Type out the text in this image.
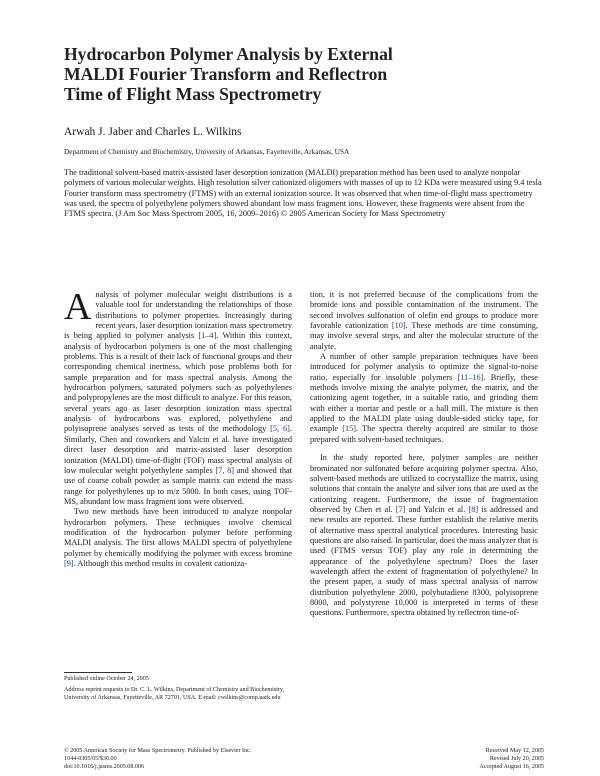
Hydrocarbon Polymer Analysis by External
MALDI Fourier Transform and Reflectron
Time of Flight Mass Spectrometry
Arwah J. Jaber and Charles L. Wilkins
Department of Chemistry and Biochemistry, University of Arkansas, Fayetteville, Arkansas, USA
The traditional solvent-based matrix-assisted laser desorption ionization (MALDI) preparation method has been used to analyze nonpolar polymers of various molecular weights. High resolution silver cationized oligomers with masses of up to 12 KDa were measured using 9.4 tesla Fourier transform mass spectrometry (FTMS) with an external ionization source. It was observed that when time-of-flight mass spectrometry was used, the spectra of polyethylene polymers showed abundant low mass fragment ions. However, these fragments were absent from the FTMS spectra. (J Am Soc Mass Spectrom 2005, 16, 2009–2016) © 2005 American Society for Mass Spectrometry

Analysis of polymer molecular weight distributions is a valuable tool for understanding the relationships of those distributions to polymer properties. Increasingly during recent years, laser desorption ionization mass spectrometry is being applied to polymer analysis [1–4]. Within this context, analysis of hydrocarbon polymers is one of the most challenging problems. This is a result of their lack of functional groups and their corresponding chemical inertness, which pose problems both for sample preparation and for mass spectral analysis. Among the hydrocarbon polymers, saturated polymers such as polyethylenes and polypropylenes are the most difficult to analyze. For this reason, several years ago as laser desorption ionization mass spectral analysis of hydrocarbons was explored, polyethylene and polyisoprene analyses served as tests of the methodology [5, 6]. Similarly, Chen and coworkers and Yalcin et al. have investigated direct laser desorption and matrix-assisted laser desorption ionization (MALDI) time-of-flight (TOF) mass spectral analysis of low molecular weight polyethylene samples [7, 8] and showed that use of coarse cobalt powder as sample matrix can extend the mass range for polyethylenes up to m/z 5000. In both cases, using TOF-MS, abundant low mass fragment ions were observed.

Two new methods have been introduced to analyze nonpolar hydrocarbon polymers. These techniques involve chemical modification of the hydrocarbon polymer before performing MALDI analysis. The first allows MALDI spectra of polyethylene polymer by chemically modifying the polymer with excess bromine [9]. Although this method results in covalent cationiza-

tion, it is not preferred because of the complications from the bromide ions and possible contamination of the instrument. The second involves sulfonation of olefin end groups to produce more favorable cationization [10]. These methods are time consuming, may involve several steps, and alter the molecular structure of the analyte.

A number of other sample preparation techniques have been introduced for polymer analysis to optimize the signal-to-noise ratio, especially for insoluble polymers [11–16]. Briefly, these methods involve mixing the analyte polymer, the matrix, and the cationizing agent together, in a suitable ratio, and grinding them with either a mortar and pestle or a ball mill. The mixture is then applied to the MALDI plate using double-sided sticky tape, for example [15]. The spectra thereby acquired are similar to those prepared with solvent-based techniques.

In the study reported here, polymer samples are neither brominated nor sulfonated before acquiring polymer spectra. Also, solvent-based methods are utilized to cocrystallize the matrix, using solutions that contain the analyte and silver ions that are used as the cationizing reagent. Furthermore, the issue of fragmentation observed by Chen et al. [7] and Yalcin et al. [8] is addressed and new results are reported. These further establish the relative merits of alternative mass spectral analytical procedures. Interesting basic questions are also raised. In particular, does the mass analyzer that is used (FTMS versus TOF) play any role in determining the appearance of the polyethylene spectrum? Does the laser wavelength affect the extent of fragmentation of polyethylene? In the present paper, a study of mass spectral analysis of narrow distribution polyethylene 2000, polybutadiene 8300, polyisoprene 8000, and polystyrene 10,000 is interpreted in terms of these questions. Furthermore, spectra obtained by reflectron time-of-

Published online October 24, 2005
Address reprint requests to Dr. C. L. Wilkins, Department of Chemistry and Biochemistry, University of Arkansas, Fayetteville, AR 72701, USA. E-mail: cwilkins@comp.uark.edu
© 2005 American Society for Mass Spectrometry. Published by Elsevier Inc.
1044-0305/05/$30.00
doi:10.1016/j.jasms.2005.08.006
Received May 12, 2005
Revised July 20, 2005
Accepted August 16, 2005
